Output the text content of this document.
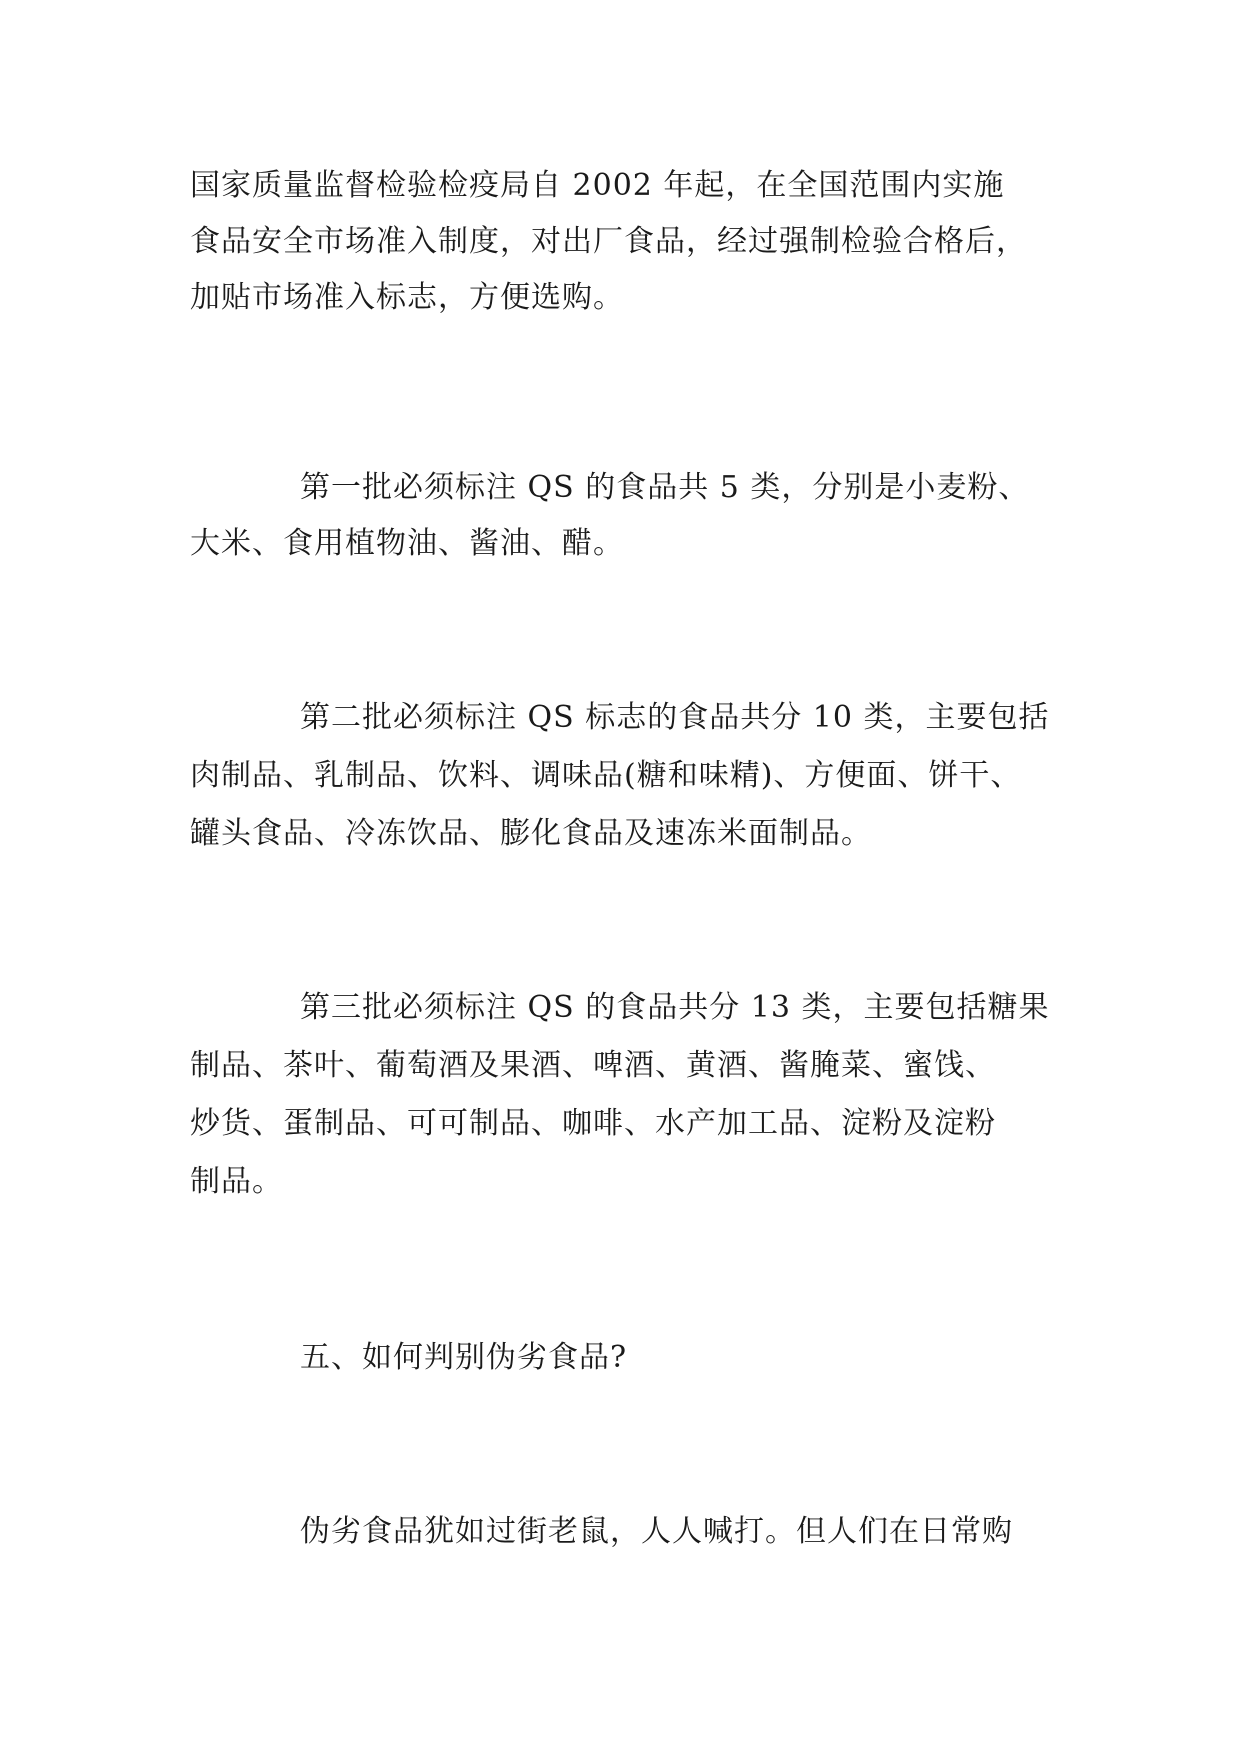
国家质量监督检验检疫局自 2002 年起，在全国范围内实施
食品安全市场准入制度，对出厂食品，经过强制检验合格后，
加贴市场准入标志，方便选购。
第一批必须标注 QS 的食品共 5 类，分别是小麦粉、
大米、食用植物油、酱油、醋。
第二批必须标注 QS 标志的食品共分 10 类，主要包括
肉制品、乳制品、饮料、调味品(糖和味精)、方便面、饼干、
罐头食品、冷冻饮品、膨化食品及速冻米面制品。
第三批必须标注 QS 的食品共分 13 类，主要包括糖果
制品、茶叶、葡萄酒及果酒、啤酒、黄酒、酱腌菜、蜜饯、
炒货、蛋制品、可可制品、咖啡、水产加工品、淀粉及淀粉
制品。
五、如何判别伪劣食品?
伪劣食品犹如过街老鼠，人人喊打。但人们在日常购
